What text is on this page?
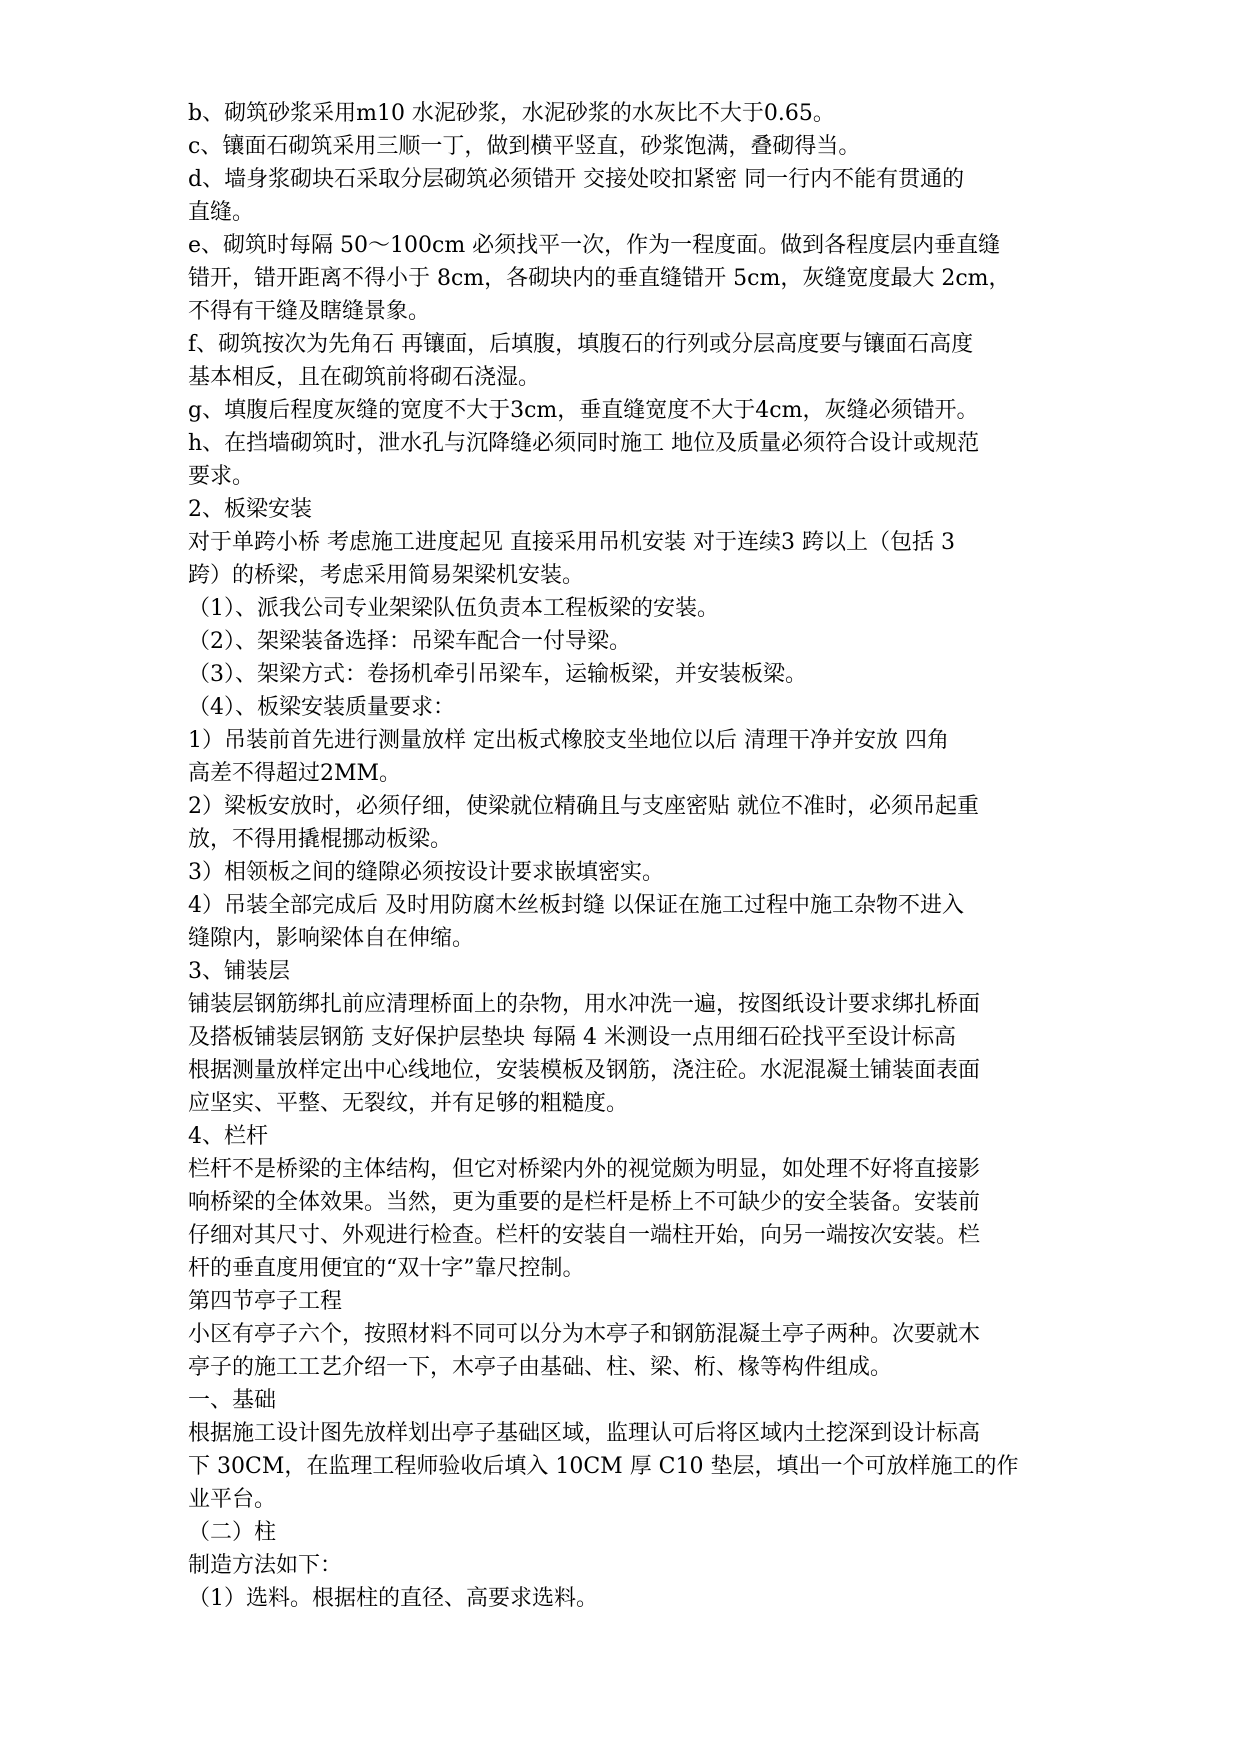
b、砌筑砂浆采用m10 水泥砂浆，水泥砂浆的水灰比不大于0.65。
c、镶面石砌筑采用三顺一丁，做到横平竖直，砂浆饱满，叠砌得当。
d、墙身浆砌块石采取分层砌筑必须错开 交接处咬扣紧密 同一行内不能有贯通的
直缝。
e、砌筑时每隔 50～100cm 必须找平一次，作为一程度面。做到各程度层内垂直缝
错开，错开距离不得小于 8cm，各砌块内的垂直缝错开 5cm，灰缝宽度最大 2cm，
不得有干缝及瞎缝景象。
f、砌筑按次为先角石 再镶面，后填腹，填腹石的行列或分层高度要与镶面石高度
基本相反，且在砌筑前将砌石浇湿。
g、填腹后程度灰缝的宽度不大于3cm，垂直缝宽度不大于4cm，灰缝必须错开。
h、在挡墙砌筑时，泄水孔与沉降缝必须同时施工 地位及质量必须符合设计或规范
要求。
2、板梁安装
对于单跨小桥 考虑施工进度起见 直接采用吊机安装 对于连续3 跨以上（包括 3
跨）的桥梁，考虑采用简易架梁机安装。
（1）、派我公司专业架梁队伍负责本工程板梁的安装。
（2）、架梁装备选择：吊梁车配合一付导梁。
（3）、架梁方式：卷扬机牵引吊梁车，运输板梁，并安装板梁。
（4）、板梁安装质量要求：
1）吊装前首先进行测量放样 定出板式橡胶支坐地位以后 清理干净并安放 四角
高差不得超过2MM。
2）梁板安放时，必须仔细，使梁就位精确且与支座密贴 就位不准时，必须吊起重
放，不得用撬棍挪动板梁。
3）相领板之间的缝隙必须按设计要求嵌填密实。
4）吊装全部完成后 及时用防腐木丝板封缝 以保证在施工过程中施工杂物不进入
缝隙内，影响梁体自在伸缩。
3、铺装层
铺装层钢筋绑扎前应清理桥面上的杂物，用水冲洗一遍，按图纸设计要求绑扎桥面
及搭板铺装层钢筋 支好保护层垫块 每隔 4 米测设一点用细石砼找平至设计标高
根据测量放样定出中心线地位，安装模板及钢筋，浇注砼。水泥混凝土铺装面表面
应坚实、平整、无裂纹，并有足够的粗糙度。
4、栏杆
栏杆不是桥梁的主体结构，但它对桥梁内外的视觉颇为明显，如处理不好将直接影
响桥梁的全体效果。当然，更为重要的是栏杆是桥上不可缺少的安全装备。安装前
仔细对其尺寸、外观进行检查。栏杆的安装自一端柱开始，向另一端按次安装。栏
杆的垂直度用便宜的“双十字”靠尺控制。
第四节亭子工程
小区有亭子六个，按照材料不同可以分为木亭子和钢筋混凝土亭子两种。次要就木
亭子的施工工艺介绍一下，木亭子由基础、柱、梁、桁、椽等构件组成。
一、基础
根据施工设计图先放样划出亭子基础区域，监理认可后将区域内土挖深到设计标高
下 30CM，在监理工程师验收后填入 10CM 厚 C10 垫层，填出一个可放样施工的作
业平台。
（二）柱
制造方法如下：
（1）选料。根据柱的直径、高要求选料。
